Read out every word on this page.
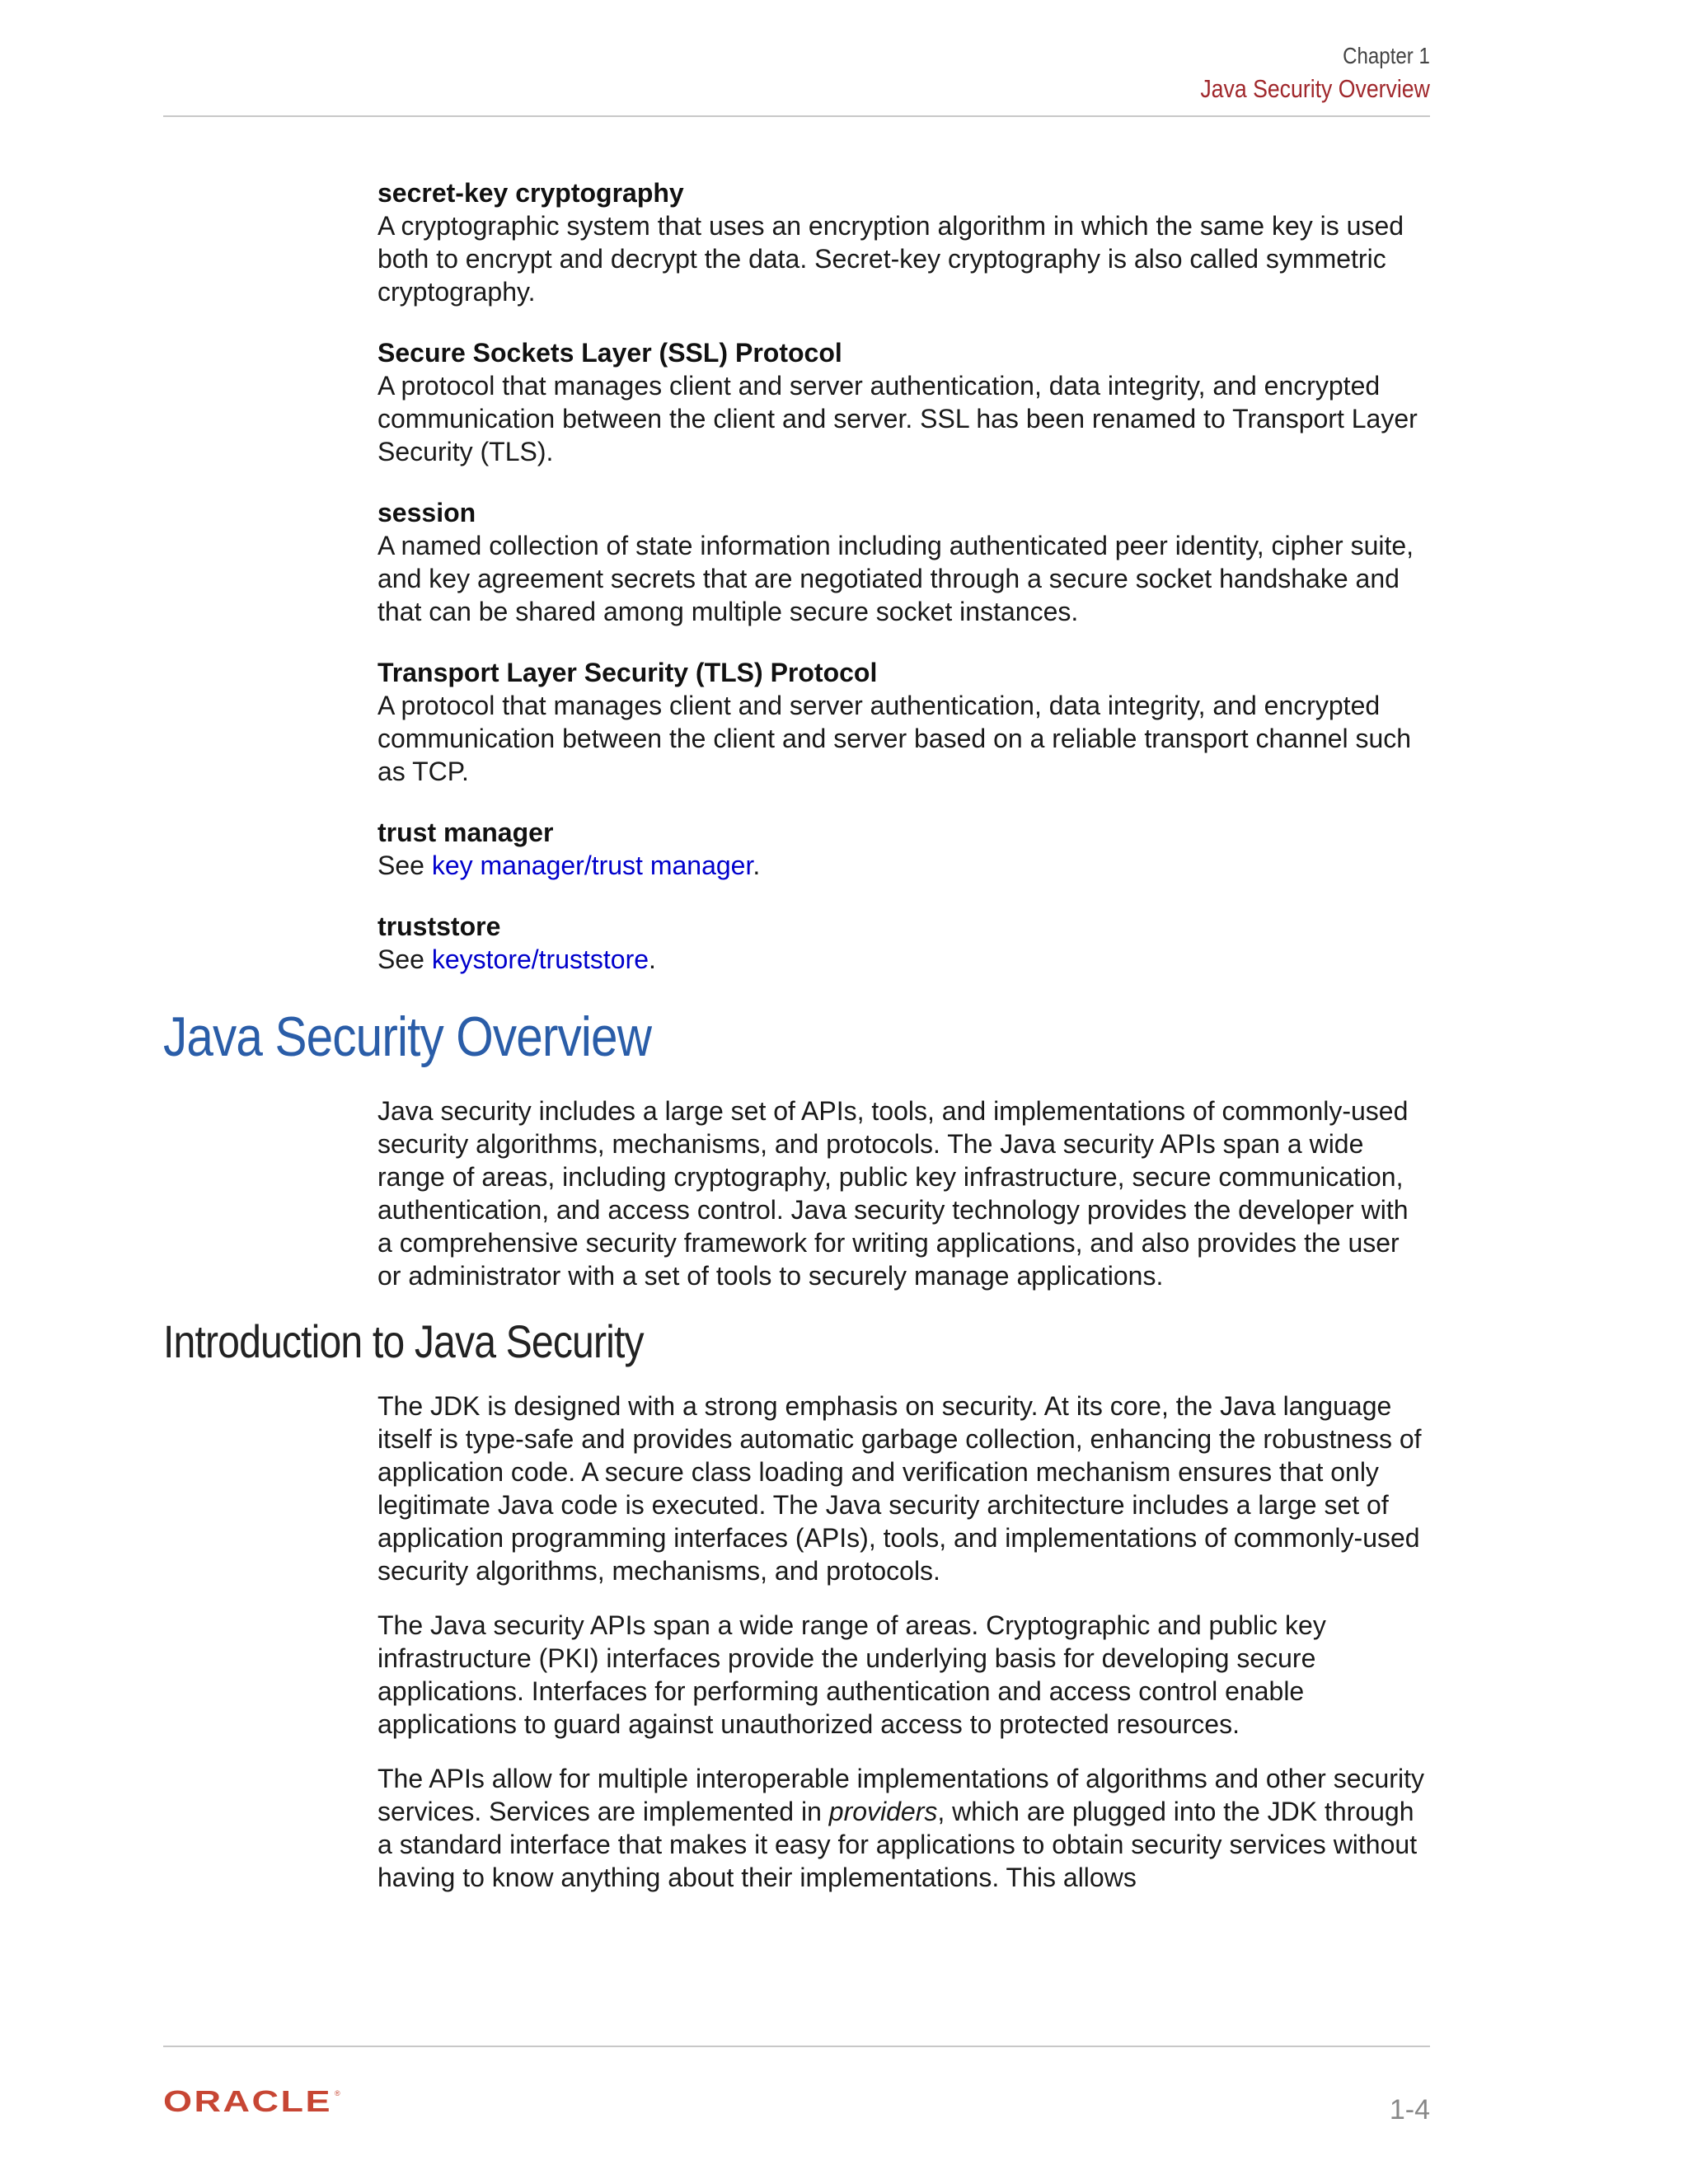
Chapter 1
Java Security Overview
secret-key cryptography
A cryptographic system that uses an encryption algorithm in which the same key is used both to encrypt and decrypt the data. Secret-key cryptography is also called symmetric cryptography.
Secure Sockets Layer (SSL) Protocol
A protocol that manages client and server authentication, data integrity, and encrypted communication between the client and server. SSL has been renamed to Transport Layer Security (TLS).
session
A named collection of state information including authenticated peer identity, cipher suite, and key agreement secrets that are negotiated through a secure socket handshake and that can be shared among multiple secure socket instances.
Transport Layer Security (TLS) Protocol
A protocol that manages client and server authentication, data integrity, and encrypted communication between the client and server based on a reliable transport channel such as TCP.
trust manager
See key manager/trust manager.
truststore
See keystore/truststore.
Java Security Overview
Java security includes a large set of APIs, tools, and implementations of commonly-used security algorithms, mechanisms, and protocols. The Java security APIs span a wide range of areas, including cryptography, public key infrastructure, secure communication, authentication, and access control. Java security technology provides the developer with a comprehensive security framework for writing applications, and also provides the user or administrator with a set of tools to securely manage applications.
Introduction to Java Security
The JDK is designed with a strong emphasis on security. At its core, the Java language itself is type-safe and provides automatic garbage collection, enhancing the robustness of application code. A secure class loading and verification mechanism ensures that only legitimate Java code is executed. The Java security architecture includes a large set of application programming interfaces (APIs), tools, and implementations of commonly-used security algorithms, mechanisms, and protocols.
The Java security APIs span a wide range of areas. Cryptographic and public key infrastructure (PKI) interfaces provide the underlying basis for developing secure applications. Interfaces for performing authentication and access control enable applications to guard against unauthorized access to protected resources.
The APIs allow for multiple interoperable implementations of algorithms and other security services. Services are implemented in providers, which are plugged into the JDK through a standard interface that makes it easy for applications to obtain security services without having to know anything about their implementations. This allows
ORACLE ®
1-4
